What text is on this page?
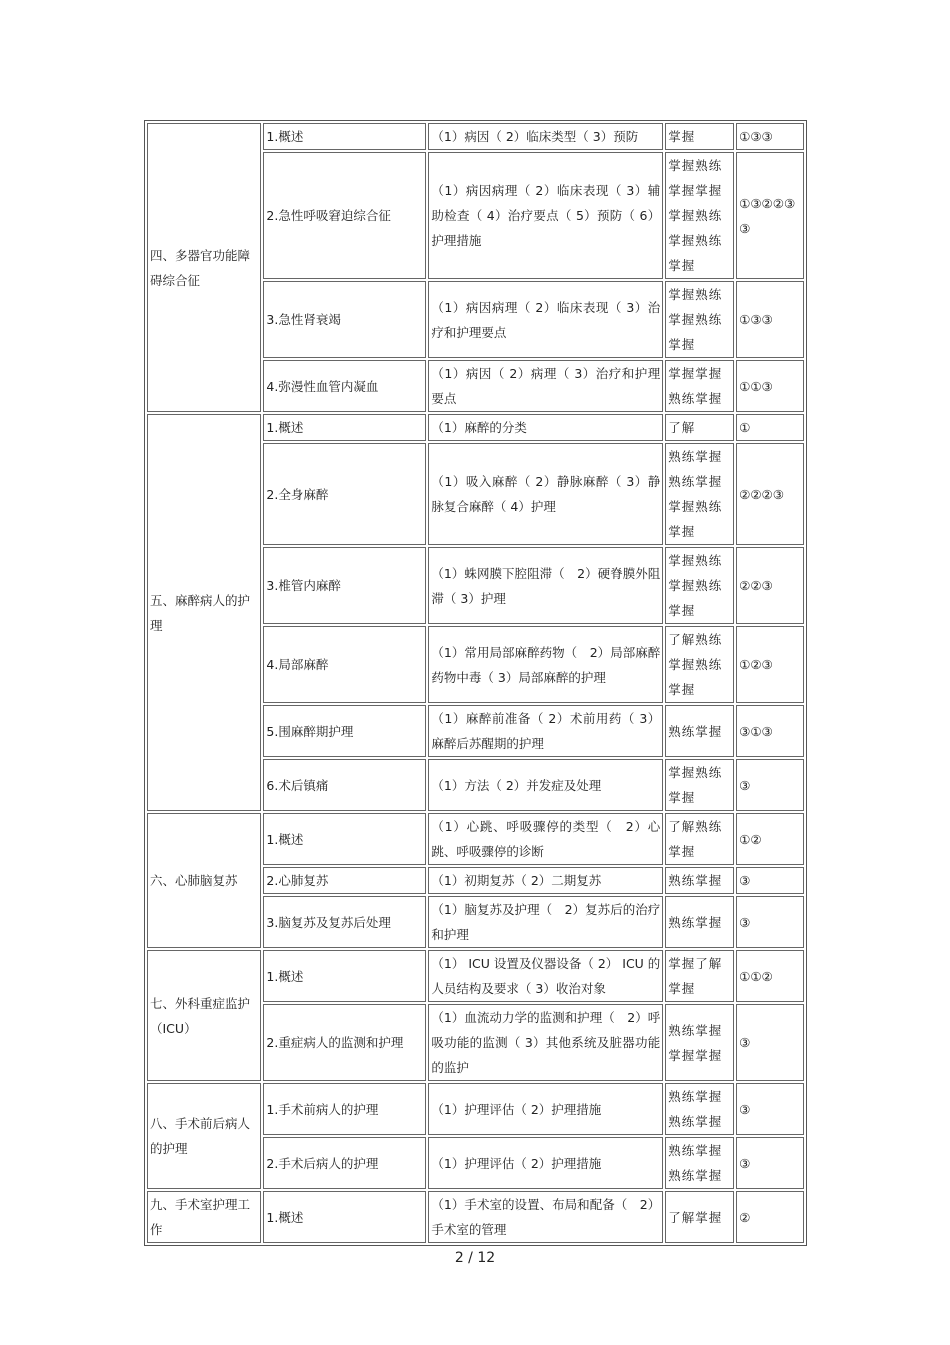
四、多器官功能障碍综合征	1.概述	（1）病因（ 2）临床类型（ 3）预防	掌握	①③③
	2.急性呼吸窘迫综合征	（1）病因病理（ 2）临床表现（ 3）辅助检查（ 4）治疗要点（ 5）预防（ 6）护理措施	掌握熟练掌握掌握掌握熟练掌握熟练掌握	①③②②③③
	3.急性肾衰竭	（1）病因病理（ 2）临床表现（ 3）治疗和护理要点	掌握熟练掌握熟练掌握	①③③
	4.弥漫性血管内凝血	（1）病因（ 2）病理（ 3）治疗和护理要点	掌握掌握熟练掌握	①①③
五、麻醉病人的护理	1.概述	（1）麻醉的分类	了解	①
	2.全身麻醉	（1）吸入麻醉（ 2）静脉麻醉（ 3）静脉复合麻醉（ 4）护理	熟练掌握熟练掌握掌握熟练掌握	②②②③
	3.椎管内麻醉	（1）蛛网膜下腔阻滞（　2）硬脊膜外阻滞（ 3）护理	掌握熟练掌握熟练掌握	②②③
	4.局部麻醉	（1）常用局部麻醉药物（　2）局部麻醉药物中毒（ 3）局部麻醉的护理	了解熟练掌握熟练掌握	①②③
	5.围麻醉期护理	（1）麻醉前准备（ 2）术前用药（ 3）麻醉后苏醒期的护理	熟练掌握	③①③
	6.术后镇痛	（1）方法（ 2）并发症及处理	掌握熟练掌握	③
六、心肺脑复苏	1.概述	（1）心跳、呼吸骤停的类型（　2）心跳、呼吸骤停的诊断	了解熟练掌握	①②
	2.心肺复苏	（1）初期复苏（ 2）二期复苏	熟练掌握	③
	3.脑复苏及复苏后处理	（1）脑复苏及护理（　2）复苏后的治疗和护理	熟练掌握	③
七、外科重症监护（ICU）	1.概述	（1） ICU 设置及仪器设备（ 2） ICU 的人员结构及要求（ 3）收治对象	掌握了解掌握	①①②
	2.重症病人的监测和护理	（1）血流动力学的监测和护理（　2）呼吸功能的监测（ 3）其他系统及脏器功能的监护	熟练掌握掌握掌握	③
八、手术前后病人的护理	1.手术前病人的护理	（1）护理评估（ 2）护理措施	熟练掌握熟练掌握	③
	2.手术后病人的护理	（1）护理评估（ 2）护理措施	熟练掌握熟练掌握	③
九、手术室护理工作	1.概述	（1）手术室的设置、布局和配备（　2）手术室的管理	了解掌握	②
2 / 12
